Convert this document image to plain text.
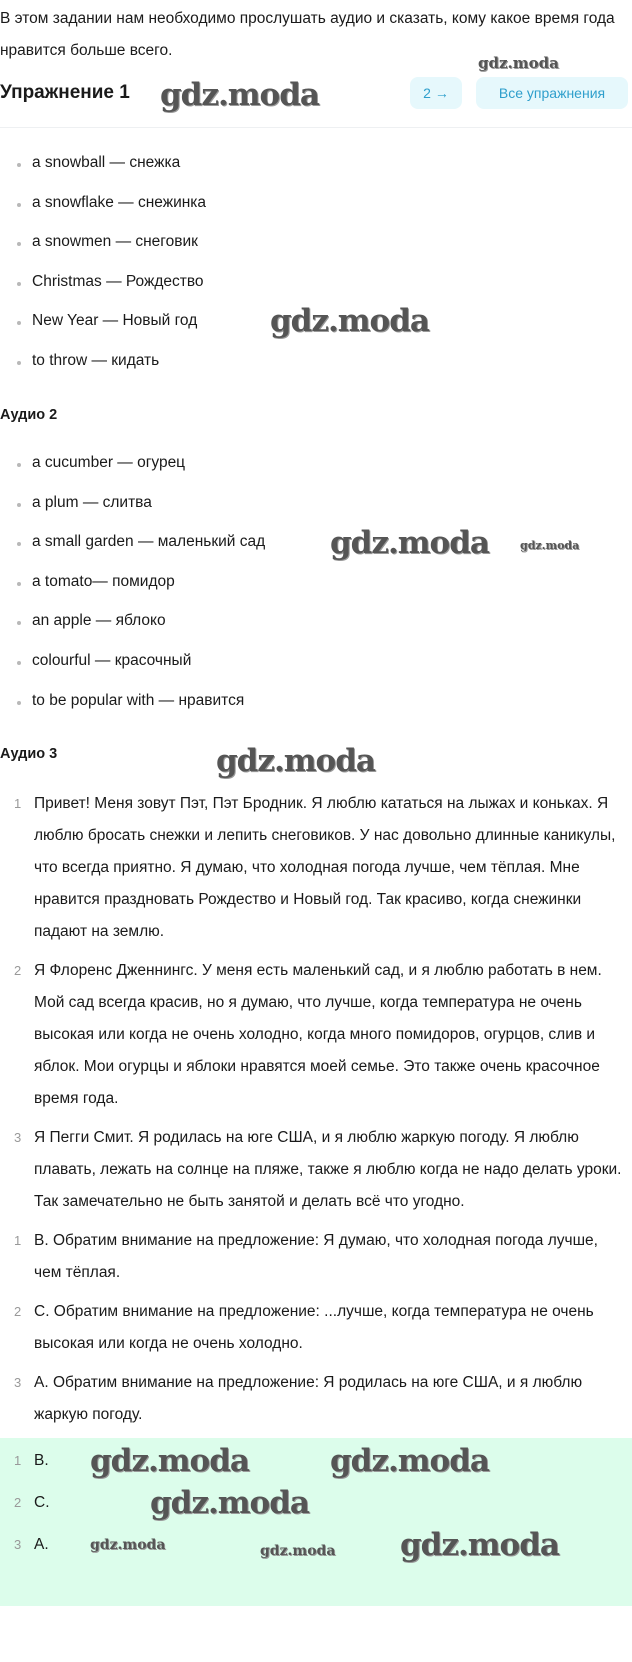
В этом задании нам необходимо прослушать аудио и сказать, кому какое время года нравится больше всего.
Упражнение 1	2 →	Все упражнения
a snowball — снежка
a snowflake — снежинка
a snowmen — снеговик
Christmas — Рождество
New Year — Новый год
to throw — кидать
Аудио 2
a cucumber — огурец
a plum — слитва
a small garden — маленький сад
a tomato— помидор
an apple — яблоко
colourful — красочный
to be popular with — нравится
Аудио 3
1 Привет! Меня зовут Пэт, Пэт Бродник. Я люблю кататься на лыжах и коньках. Я люблю бросать снежки и лепить снеговиков. У нас довольно длинные каникулы, что всегда приятно. Я думаю, что холодная погода лучше, чем тёплая. Мне нравится праздновать Рождество и Новый год. Так красиво, когда снежинки падают на землю.
2 Я Флоренс Дженнингс. У меня есть маленький сад, и я люблю работать в нем. Мой сад всегда красив, но я думаю, что лучше, когда температура не очень высокая или когда не очень холодно, когда много помидоров, огурцов, слив и яблок. Мои огурцы и яблоки нравятся моей семье. Это также очень красочное время года.
3 Я Пегги Смит. Я родилась на юге США, и я люблю жаркую погоду. Я люблю плавать, лежать на солнце на пляже, также я люблю когда не надо делать уроки. Так замечательно не быть занятой и делать всё что угодно.
1 B. Обратим внимание на предложение: Я думаю, что холодная погода лучше, чем тёплая.
2 C. Обратим внимание на предложение: ...лучше, когда температура не очень высокая или когда не очень холодно.
3 A. Обратим внимание на предложение: Я родилась на юге США, и я люблю жаркую погоду.
1 B.
2 C.
3 A.
gdz.moda	gdz.moda
gdz.moda
gdz.moda
gdz.moda	gdz.moda
gdz.moda
gdz.moda
gdz.moda
gdz.moda	gdz.moda
gdz.moda
